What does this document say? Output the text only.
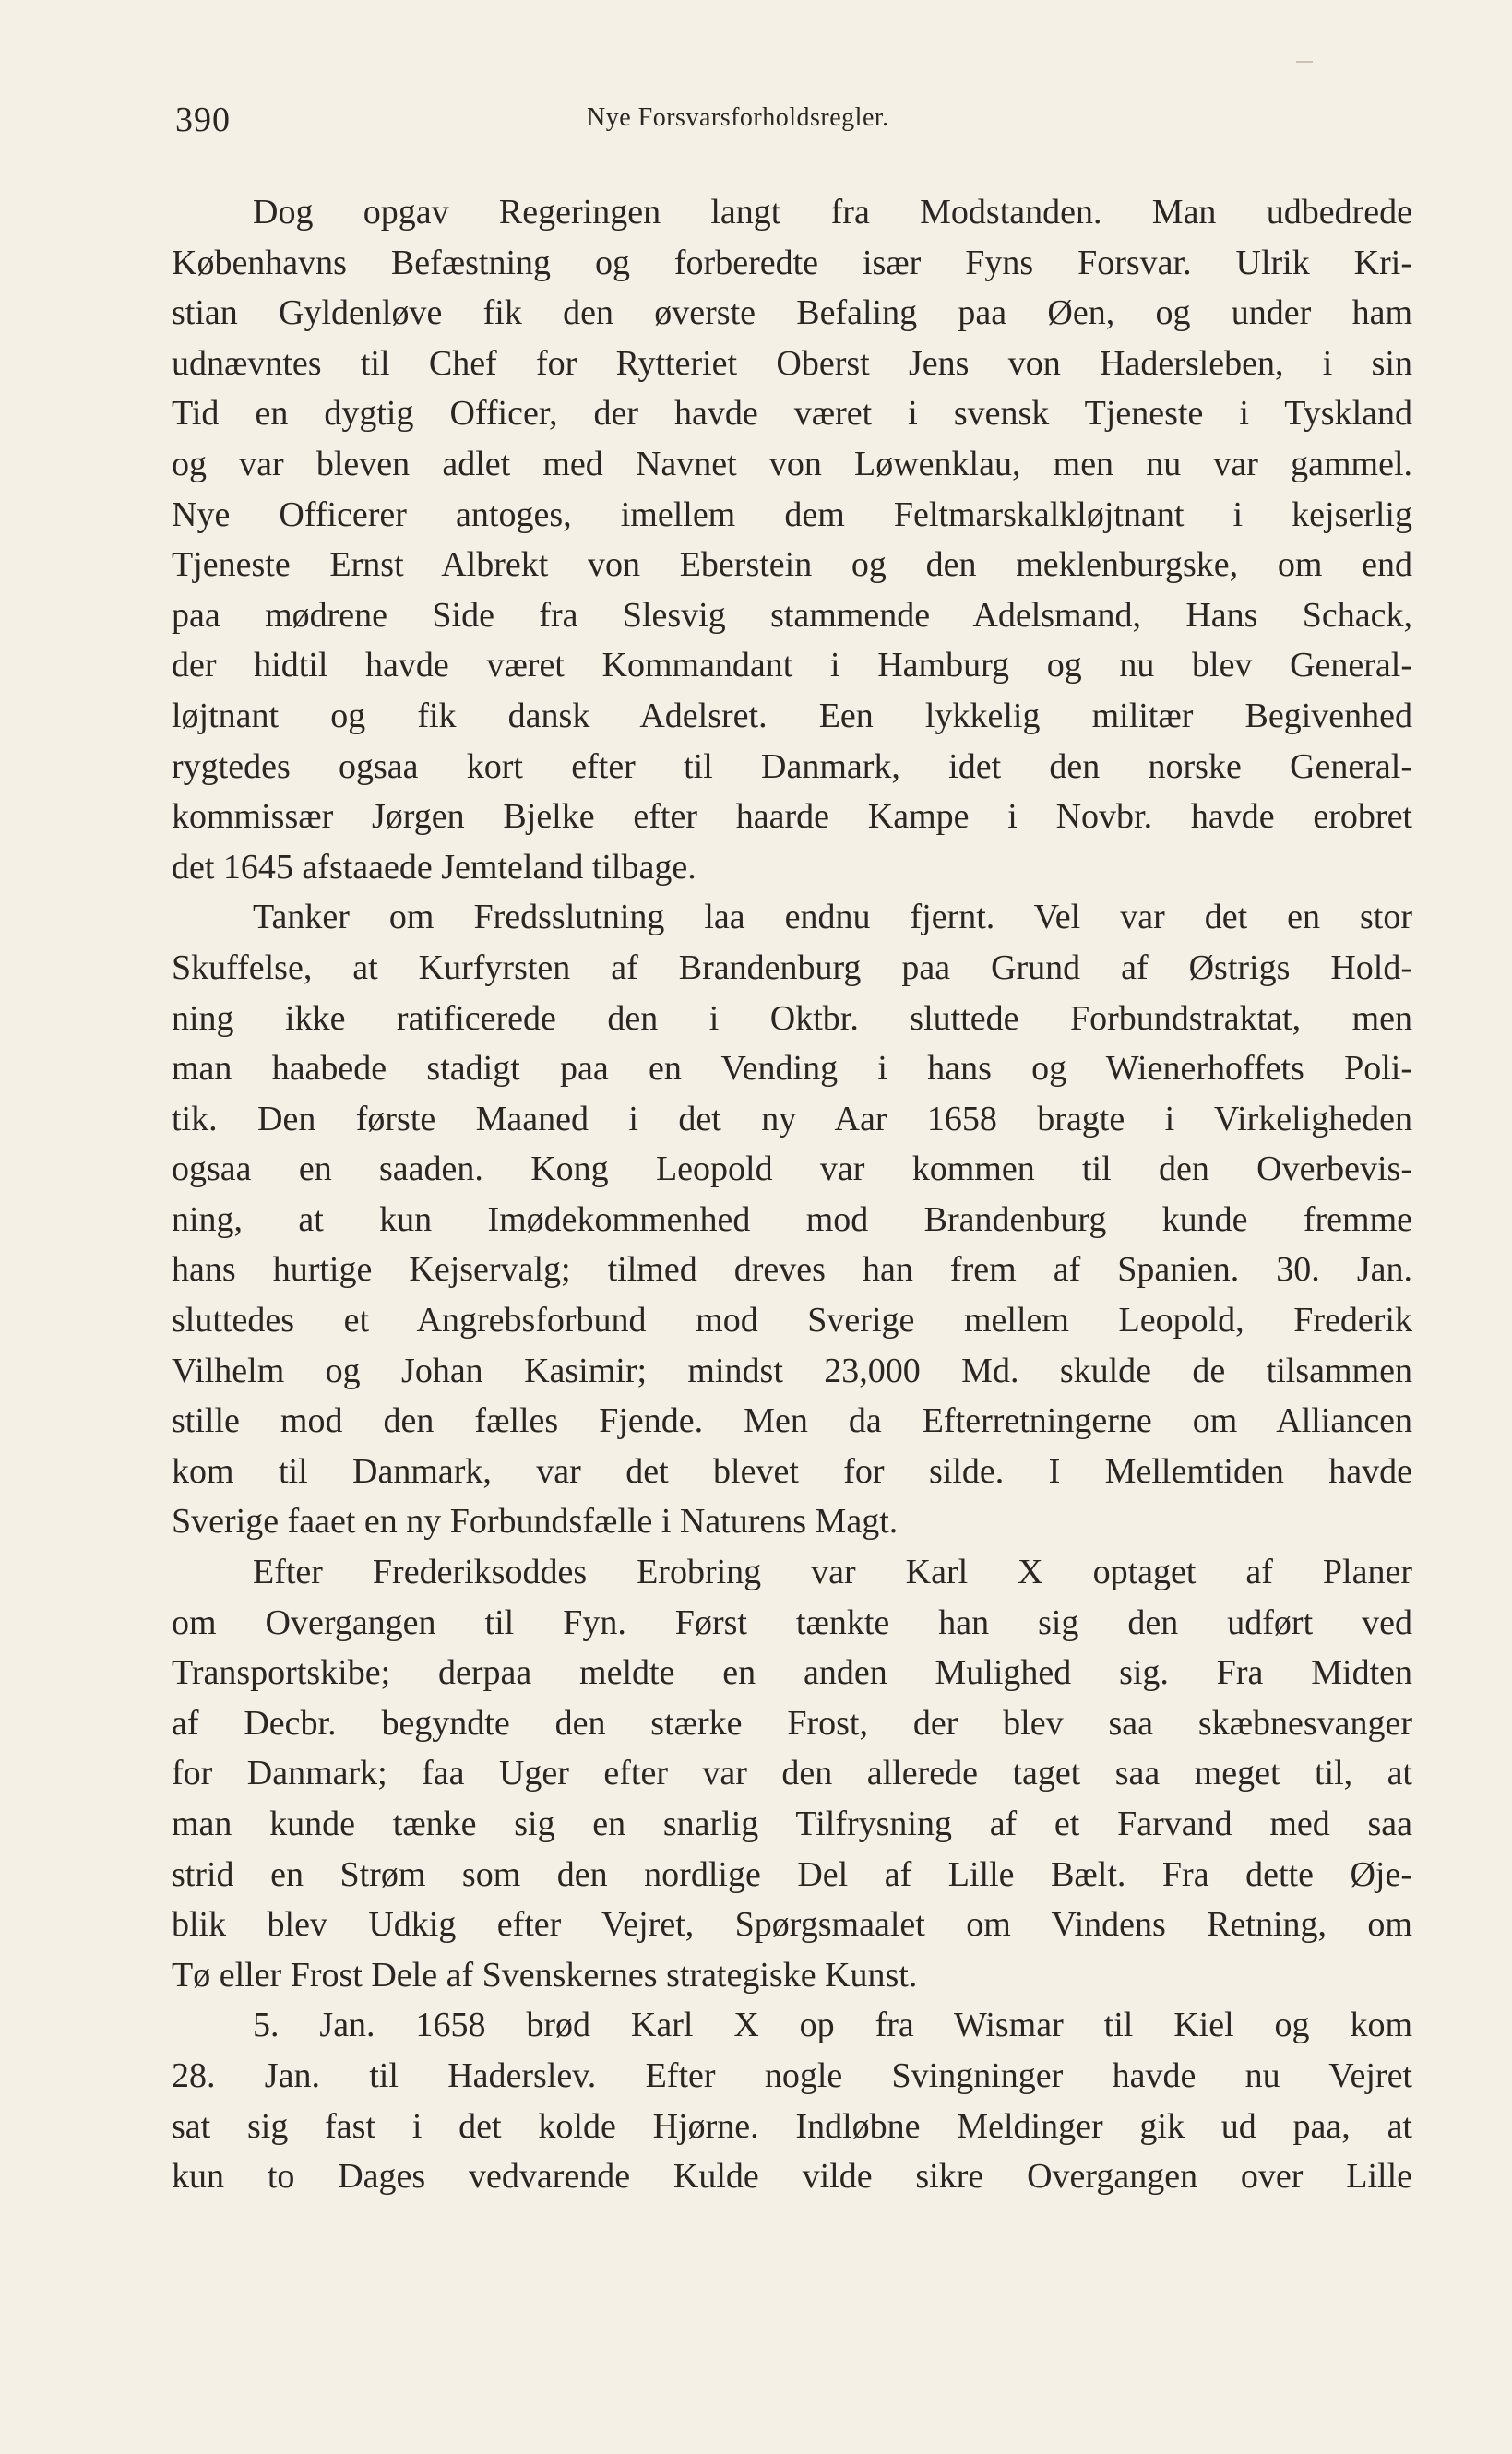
390	Nye Forsvarsforholdsregler.
Dog opgav Regeringen langt fra Modstanden. Man udbedrede
Københavns Befæstning og forberedte især Fyns Forsvar. Ulrik Kri-
stian Gyldenløve fik den øverste Befaling paa Øen, og under ham
udnævntes til Chef for Rytteriet Oberst Jens von Hadersleben, i sin
Tid en dygtig Officer, der havde været i svensk Tjeneste i Tyskland
og var bleven adlet med Navnet von Løwenklau, men nu var gammel.
Nye Officerer antoges, imellem dem Feltmarskalkløjtnant i kejserlig
Tjeneste Ernst Albrekt von Eberstein og den meklenburgske, om end
paa mødrene Side fra Slesvig stammende Adelsmand, Hans Schack,
der hidtil havde været Kommandant i Hamburg og nu blev General-
løjtnant og fik dansk Adelsret. Een lykkelig militær Begivenhed
rygtedes ogsaa kort efter til Danmark, idet den norske General-
kommissær Jørgen Bjelke efter haarde Kampe i Novbr. havde erobret
det 1645 afstaaede Jemteland tilbage.
Tanker om Fredsslutning laa endnu fjernt. Vel var det en stor
Skuffelse, at Kurfyrsten af Brandenburg paa Grund af Østrigs Hold-
ning ikke ratificerede den i Oktbr. sluttede Forbundstraktat, men
man haabede stadigt paa en Vending i hans og Wienerhoffets Poli-
tik. Den første Maaned i det ny Aar 1658 bragte i Virkeligheden
ogsaa en saaden. Kong Leopold var kommen til den Overbevis-
ning, at kun Imødekommenhed mod Brandenburg kunde fremme
hans hurtige Kejservalg; tilmed dreves han frem af Spanien. 30. Jan.
sluttedes et Angrebsforbund mod Sverige mellem Leopold, Frederik
Vilhelm og Johan Kasimir; mindst 23,000 Md. skulde de tilsammen
stille mod den fælles Fjende. Men da Efterretningerne om Alliancen
kom til Danmark, var det blevet for silde. I Mellemtiden havde
Sverige faaet en ny Forbundsfælle i Naturens Magt.
Efter Frederiksoddes Erobring var Karl X optaget af Planer
om Overgangen til Fyn. Først tænkte han sig den udført ved
Transportskibe; derpaa meldte en anden Mulighed sig. Fra Midten
af Decbr. begyndte den stærke Frost, der blev saa skæbnesvanger
for Danmark; faa Uger efter var den allerede taget saa meget til, at
man kunde tænke sig en snarlig Tilfrysning af et Farvand med saa
strid en Strøm som den nordlige Del af Lille Bælt. Fra dette Øje-
blik blev Udkig efter Vejret, Spørgsmaalet om Vindens Retning, om
Tø eller Frost Dele af Svenskernes strategiske Kunst.
5. Jan. 1658 brød Karl X op fra Wismar til Kiel og kom
28. Jan. til Haderslev. Efter nogle Svingninger havde nu Vejret
sat sig fast i det kolde Hjørne. Indløbne Meldinger gik ud paa, at
kun to Dages vedvarende Kulde vilde sikre Overgangen over Lille
